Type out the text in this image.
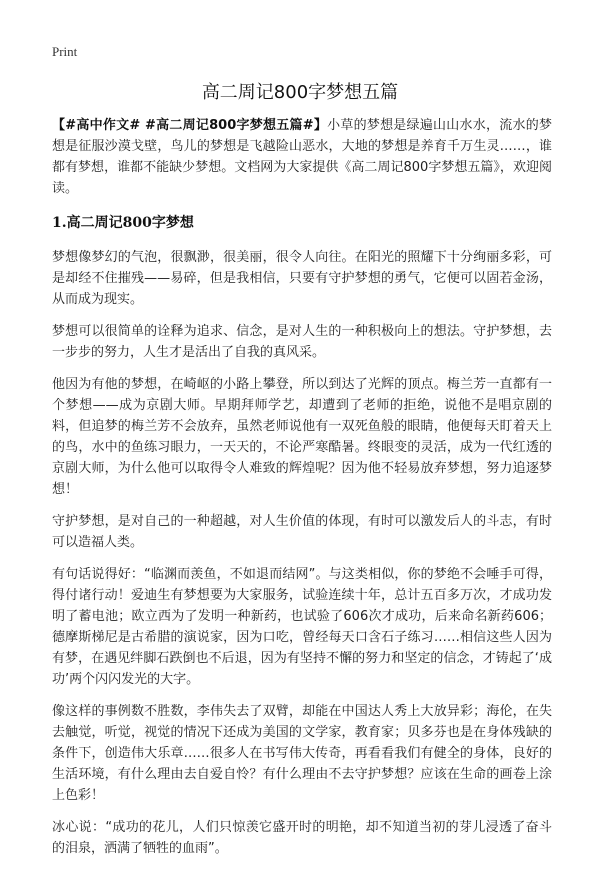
Print
高二周记800字梦想五篇

【#高中作文# #高二周记800字梦想五篇#】小草的梦想是绿遍山山水水，流水的梦想是征服沙漠戈壁，鸟儿的梦想是飞越险山恶水，大地的梦想是养育千万生灵……，谁都有梦想，谁都不能缺少梦想。文档网为大家提供《高二周记800字梦想五篇》，欢迎阅读。

1.高二周记800字梦想

梦想像梦幻的气泡，很飘渺，很美丽，很令人向往。在阳光的照耀下十分绚丽多彩，可是却经不住摧残——易碎，但是我相信，只要有守护梦想的勇气，它便可以固若金汤，从而成为现实。

梦想可以很简单的诠释为追求、信念，是对人生的一种积极向上的想法。守护梦想，去一步步的努力，人生才是活出了自我的真风采。

他因为有他的梦想，在崎岖的小路上攀登，所以到达了光辉的顶点。梅兰芳一直都有一个梦想——成为京剧大师。早期拜师学艺，却遭到了老师的拒绝，说他不是唱京剧的料，但追梦的梅兰芳不会放弃，虽然老师说他有一双死鱼般的眼睛，他便每天盯着天上的鸟，水中的鱼练习眼力，一天天的，不论严寒酷暑。终眼变的灵活，成为一代红透的京剧大师，为什么他可以取得令人难致的辉煌呢？因为他不轻易放弃梦想，努力追逐梦想！

守护梦想，是对自己的一种超越，对人生价值的体现，有时可以激发后人的斗志，有时可以造福人类。

有句话说得好：“临渊而羡鱼，不如退而结网”。与这类相似，你的梦绝不会唾手可得，得付诸行动！爱迪生有梦想要为大家服务，试验连续十年，总计五百多万次，才成功发明了蓄电池；欧立西为了发明一种新药，也试验了606次才成功，后来命名新药606；德摩斯梯尼是古希腊的演说家，因为口吃，曾经每天口含石子练习……相信这些人因为有梦，在遇见绊脚石跌倒也不后退，因为有坚持不懈的努力和坚定的信念，才铸起了‘成功’两个闪闪发光的大字。

像这样的事例数不胜数，李伟失去了双臂，却能在中国达人秀上大放异彩；海伦，在失去触觉，听觉，视觉的情况下还成为美国的文学家，教育家；贝多芬也是在身体残缺的条件下，创造伟大乐章……很多人在书写伟大传奇，再看看我们有健全的身体，良好的生活环境，有什么理由去自爱自怜？有什么理由不去守护梦想？应该在生命的画卷上涂上色彩！

冰心说：“成功的花儿，人们只惊羡它盛开时的明艳，却不知道当初的芽儿浸透了奋斗的泪泉，洒满了牺牲的血雨”。
